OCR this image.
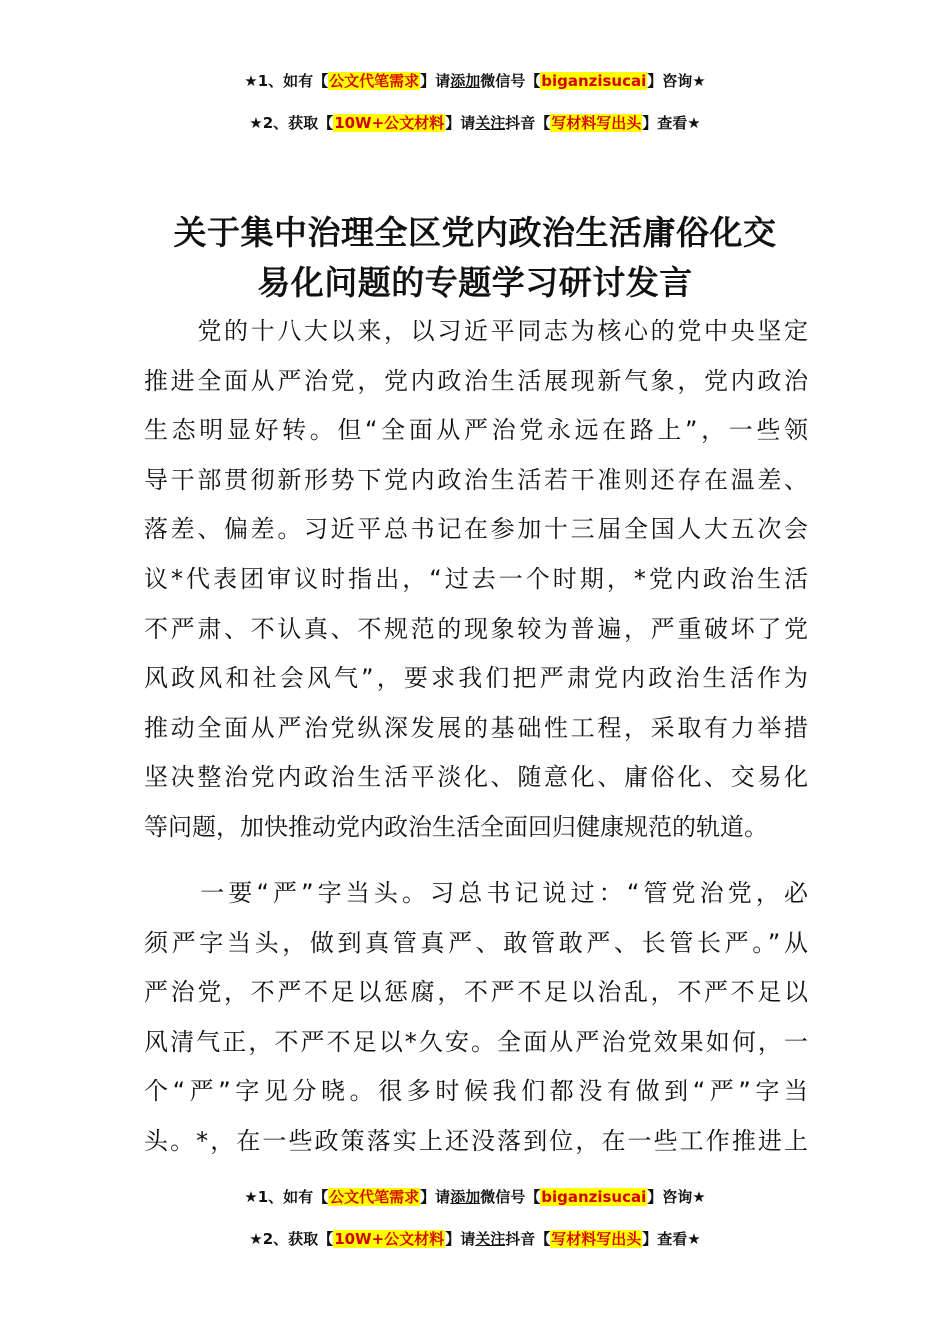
★1、如有【公文代笔需求】请添加微信号【biganzisucai】咨询★
★2、获取【10W+公文材料】请关注抖音【写材料写出头】查看★
关于集中治理全区党内政治生活庸俗化交
易化问题的专题学习研讨发言
　　党的十八大以来，以习近平同志为核心的党中央坚定
推进全面从严治党，党内政治生活展现新气象，党内政治
生态明显好转。但“全面从严治党永远在路上”，一些领
导干部贯彻新形势下党内政治生活若干准则还存在温差、
落差、偏差。习近平总书记在参加十三届全国人大五次会
议*代表团审议时指出，“过去一个时期，*党内政治生活
不严肃、不认真、不规范的现象较为普遍，严重破坏了党
风政风和社会风气”，要求我们把严肃党内政治生活作为
推动全面从严治党纵深发展的基础性工程，采取有力举措
坚决整治党内政治生活平淡化、随意化、庸俗化、交易化
等问题，加快推动党内政治生活全面回归健康规范的轨道。
　　一要“严”字当头。习总书记说过：“管党治党，必
须严字当头，做到真管真严、敢管敢严、长管长严。”从
严治党，不严不足以惩腐，不严不足以治乱，不严不足以
风清气正，不严不足以*久安。全面从严治党效果如何，一
个“严”字见分晓。很多时候我们都没有做到“严”字当
头。*，在一些政策落实上还没落到位，在一些工作推进上
★1、如有【公文代笔需求】请添加微信号【biganzisucai】咨询★
★2、获取【10W+公文材料】请关注抖音【写材料写出头】查看★
